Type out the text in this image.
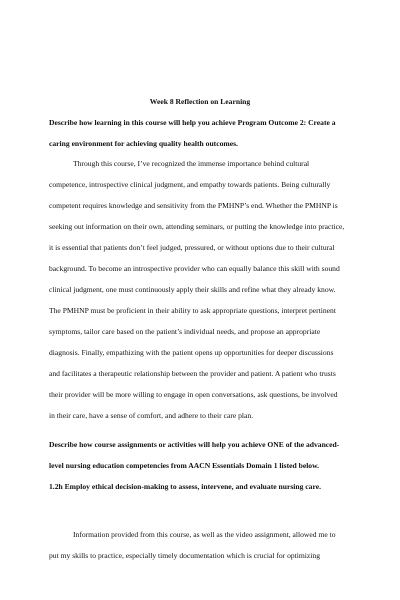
Week 8 Reflection on Learning

Describe how learning in this course will help you achieve Program Outcome 2: Create a
caring environment for achieving quality health outcomes.
Through this course, I’ve recognized the immense importance behind cultural
competence, introspective clinical judgment, and empathy towards patients. Being culturally
competent requires knowledge and sensitivity from the PMHNP’s end. Whether the PMHNP is
seeking out information on their own, attending seminars, or putting the knowledge into practice,
it is essential that patients don’t feel judged, pressured, or without options due to their cultural
background. To become an introspective provider who can equally balance this skill with sound
clinical judgment, one must continuously apply their skills and refine what they already know.
The PMHNP must be proficient in their ability to ask appropriate questions, interpret pertinent
symptoms, tailor care based on the patient’s individual needs, and propose an appropriate
diagnosis. Finally, empathizing with the patient opens up opportunities for deeper discussions
and facilitates a therapeutic relationship between the provider and patient. A patient who trusts
their provider will be more willing to engage in open conversations, ask questions, be involved
in their care, have a sense of comfort, and adhere to their care plan.
Describe how course assignments or activities will help you achieve ONE of the advanced-
level nursing education competencies from AACN Essentials Domain 1 listed below.
1.2h Employ ethical decision-making to assess, intervene, and evaluate nursing care.
Information provided from this course, as well as the video assignment, allowed me to
put my skills to practice, especially timely documentation which is crucial for optimizing
